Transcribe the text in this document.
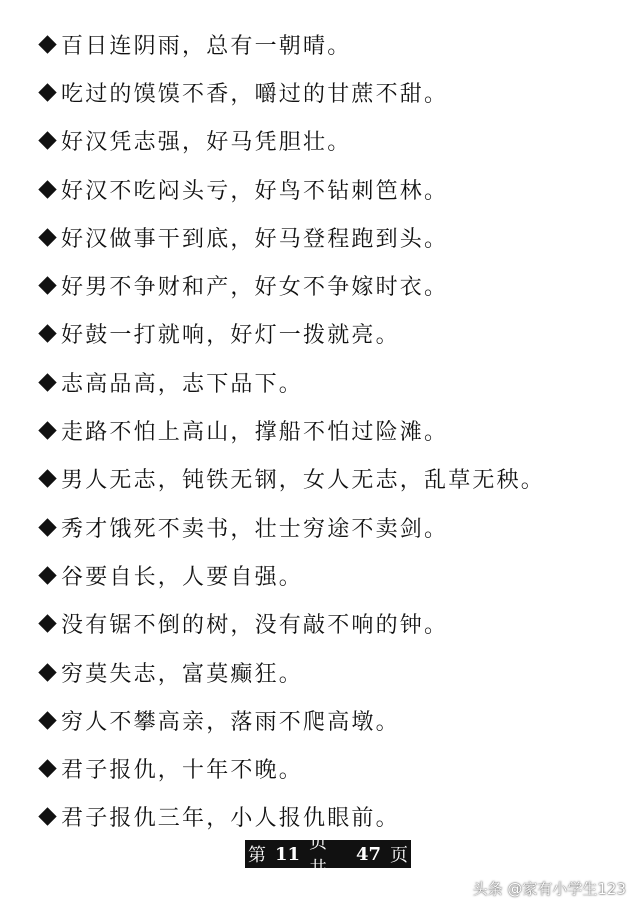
百日连阴雨，总有一朝晴。
吃过的馍馍不香，嚼过的甘蔗不甜。
好汉凭志强，好马凭胆壮。
好汉不吃闷头亏，好鸟不钻刺笆林。
好汉做事干到底，好马登程跑到头。
好男不争财和产，好女不争嫁时衣。
好鼓一打就响，好灯一拨就亮。
志高品高，志下品下。
走路不怕上高山，撑船不怕过险滩。
男人无志，钝铁无钢，女人无志，乱草无秧。
秀才饿死不卖书，壮士穷途不卖剑。
谷要自长，人要自强。
没有锯不倒的树，没有敲不响的钟。
穷莫失志，富莫癫狂。
穷人不攀高亲，落雨不爬高墩。
君子报仇，十年不晚。
君子报仇三年，小人报仇眼前。
第 11
页 共
47 页
头条 @家有小学生123
